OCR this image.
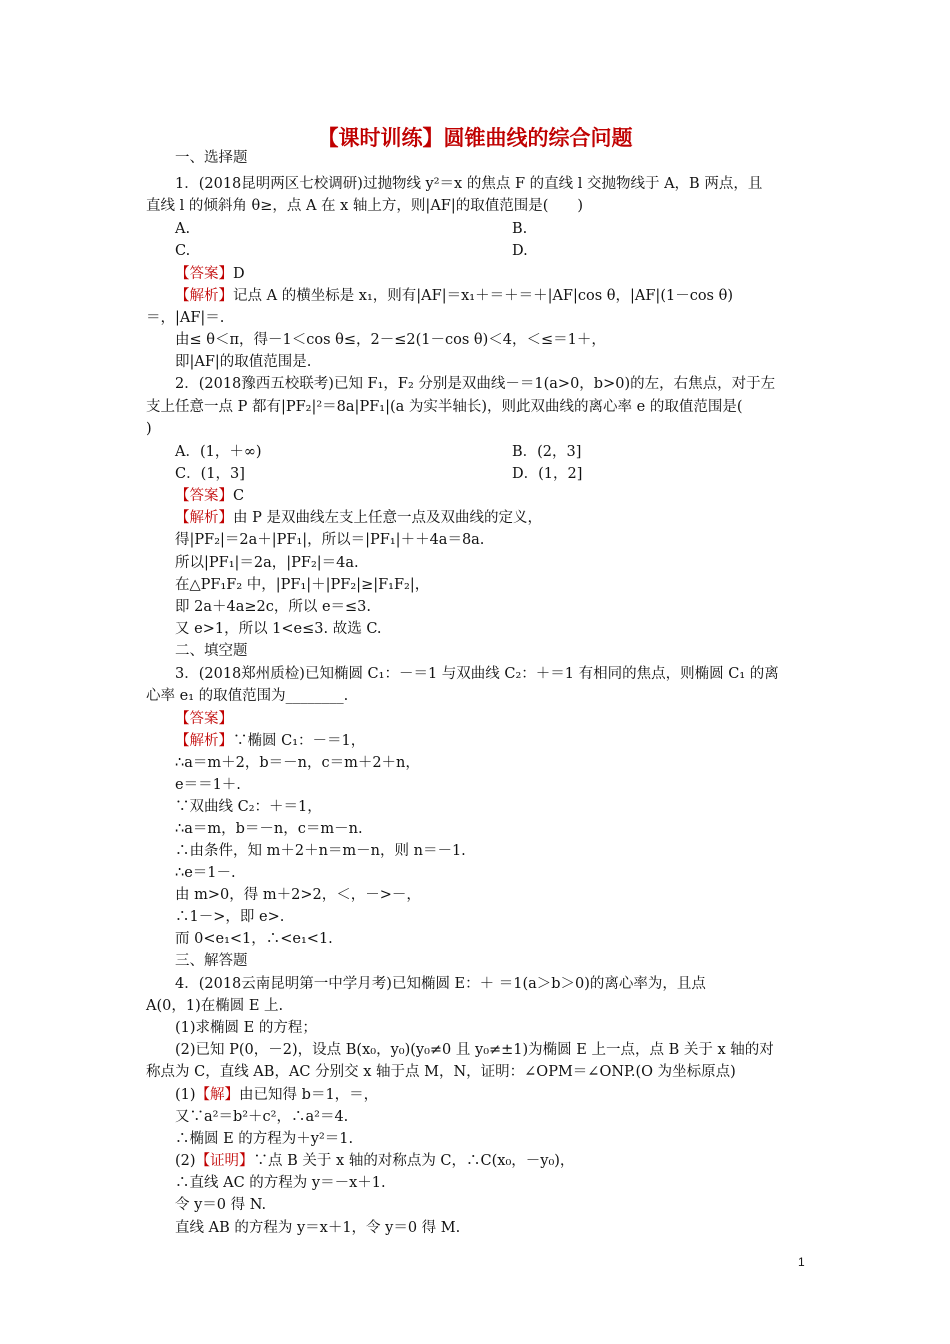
【课时训练】圆锥曲线的综合问题
一、选择题
1．(2018昆明两区七校调研)过抛物线 y²＝x 的焦点 F 的直线 l 交抛物线于 A，B 两点，且
直线 l 的倾斜角 θ≥，点 A 在 x 轴上方，则|AF|的取值范围是(　　)
A.	B.
C.	D.
【答案】D
【解析】记点 A 的横坐标是 x₁，则有|AF|＝x₁＋＝＋＝＋|AF|cos θ，|AF|(1－cos θ)
＝，|AF|＝.
由≤ θ＜π，得－1＜cos θ≤，2－≤2(1－cos θ)＜4，＜≤＝1＋，
即|AF|的取值范围是.
2．(2018豫西五校联考)已知 F₁，F₂ 分别是双曲线－＝1(a>0，b>0)的左，右焦点，对于左
支上任意一点 P 都有|PF₂|²＝8a|PF₁|(a 为实半轴长)，则此双曲线的离心率 e 的取值范围是(
)
A．(1，＋∞)	B．(2，3]
C．(1，3]	D．(1，2]
【答案】C
【解析】由 P 是双曲线左支上任意一点及双曲线的定义，
得|PF₂|＝2a＋|PF₁|，所以＝|PF₁|＋＋4a＝8a.
所以|PF₁|＝2a，|PF₂|＝4a.
在△PF₁F₂ 中，|PF₁|＋|PF₂|≥|F₁F₂|，
即 2a＋4a≥2c，所以 e＝≤3.
又 e>1，所以 1<e≤3. 故选 C.
二、填空题
3．(2018郑州质检)已知椭圆 C₁：－＝1 与双曲线 C₂：＋＝1 有相同的焦点，则椭圆 C₁ 的离
心率 e₁ 的取值范围为________.
【答案】
【解析】∵椭圆 C₁：－＝1，
∴a＝m＋2，b＝－n，c＝m＋2＋n，
e＝＝1＋.
∵双曲线 C₂：＋＝1，
∴a＝m，b＝－n，c＝m－n.
∴由条件，知 m＋2＋n＝m－n，则 n＝－1.
∴e＝1－.
由 m>0，得 m＋2>2，＜，－>－，
∴1－>，即 e>.
而 0<e₁<1，∴<e₁<1.
三、解答题
4．(2018云南昆明第一中学月考)已知椭圆 E：＋ ＝1(a＞b＞0)的离心率为，且点
A(0，1)在椭圆 E 上.
(1)求椭圆 E 的方程；
(2)已知 P(0，－2)，设点 B(x₀，y₀)(y₀≠0 且 y₀≠±1)为椭圆 E 上一点，点 B 关于 x 轴的对
称点为 C，直线 AB，AC 分别交 x 轴于点 M，N，证明：∠OPM＝∠ONP.(O 为坐标原点)
(1)【解】由已知得 b＝1，＝，
又∵a²＝b²＋c²，∴a²＝4.
∴椭圆 E 的方程为＋y²＝1.
(2)【证明】∵点 B 关于 x 轴的对称点为 C，∴C(x₀，－y₀)，
∴直线 AC 的方程为 y＝－x＋1.
令 y＝0 得 N.
直线 AB 的方程为 y＝x＋1，令 y＝0 得 M.
1
